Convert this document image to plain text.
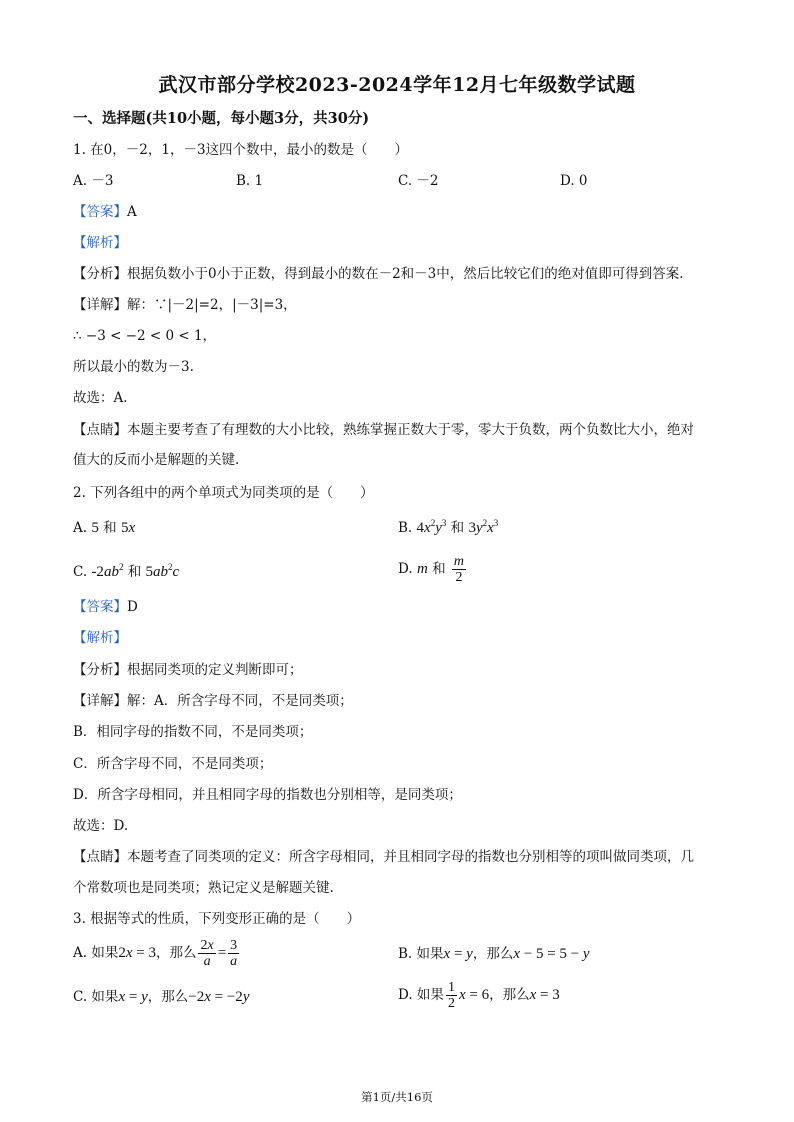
武汉市部分学校2023-2024学年12月七年级数学试题
一、选择题(共10小题，每小题3分，共30分)
1. 在0，－2，1，－3这四个数中，最小的数是（　　）
A. －3	B. 1	C. －2	D. 0
【答案】A
【解析】
【分析】根据负数小于0小于正数，得到最小的数在－2和－3中，然后比较它们的绝对值即可得到答案.
【详解】解：∵|－2|=2，|－3|=3，
∴ −3 < −2 < 0 < 1，
所以最小的数为－3.
故选：A.
【点睛】本题主要考查了有理数的大小比较，熟练掌握正数大于零，零大于负数，两个负数比大小，绝对
值大的反而小是解题的关键.
2. 下列各组中的两个单项式为同类项的是（　　）
A. 5 和 5x	B. $4x^2y^3$ 和 $3y^2x^3$
C. $-2ab^2$ 和 $5ab^2c$	D. m 和 $\frac{m}{2}$
【答案】D
【解析】
【分析】根据同类项的定义判断即可；
【详解】解：A．所含字母不同，不是同类项；
B．相同字母的指数不同，不是同类项；
C．所含字母不同，不是同类项；
D．所含字母相同，并且相同字母的指数也分别相等，是同类项；
故选：D.
【点睛】本题考查了同类项的定义：所含字母相同，并且相同字母的指数也分别相等的项叫做同类项，几
个常数项也是同类项；熟记定义是解题关键.
3. 根据等式的性质，下列变形正确的是（　　）
A. 如果2x = 3，那么 $\frac{2x}{a} = \frac{3}{a}$	B. 如果x = y，那么x − 5 = 5 − y
C. 如果x = y，那么−2x = −2y	D. 如果 $\frac{1}{2}$ x = 6，那么x = 3
第1页/共16页
